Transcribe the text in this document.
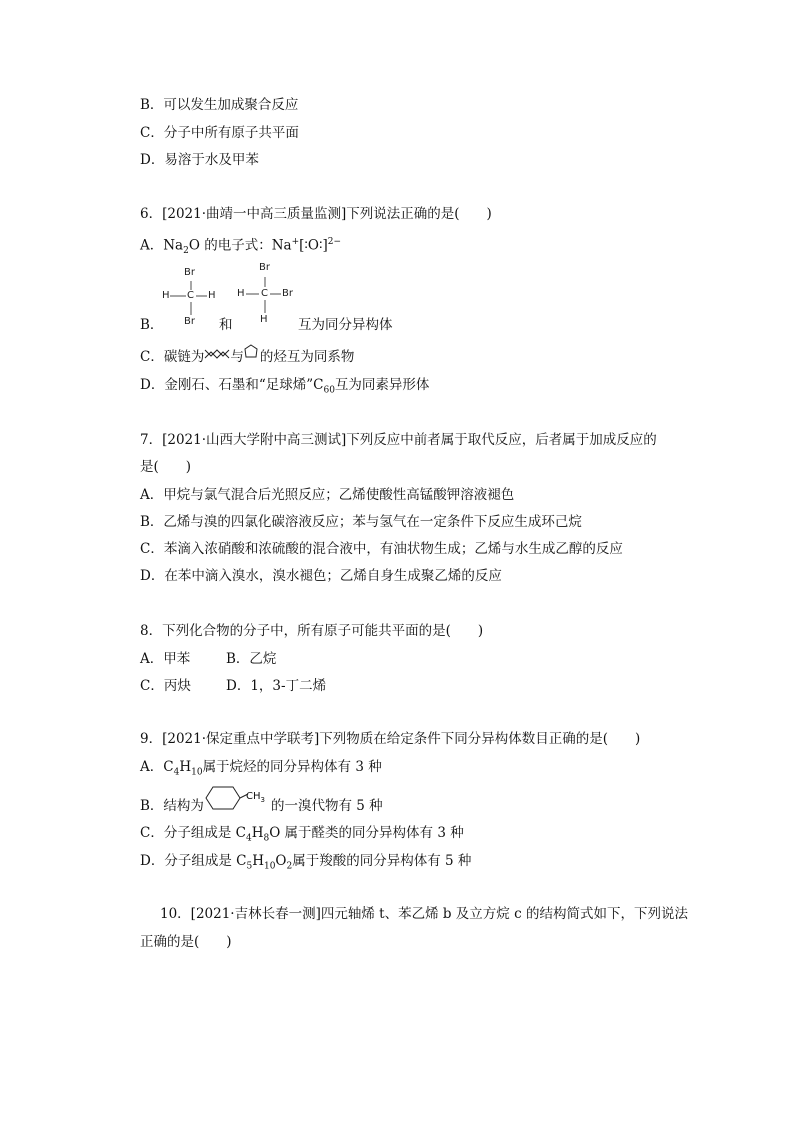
B．可以发生加成聚合反应
C．分子中所有原子共平面
D．易溶于水及甲苯
6．[2021·曲靖一中高三质量监测]下列说法正确的是(　　)
A．$Na_2O$ 的电子式：Na+[∶O∶]$^{2-}$
Br
H C H
Br
B．	和
Br
H C Br
H 互为同分异构体
C．碳链为 与 的烃互为同系物
D．金刚石、石墨和“足球烯$”C_{60}$互为同素异形体
7．[2021·山西大学附中高三测试]下列反应中前者属于取代反应，后者属于加成反应的
是(　　)
A．甲烷与氯气混合后光照反应；乙烯使酸性高锰酸钾溶液褪色
B．乙烯与溴的四氯化碳溶液反应；苯与氢气在一定条件下反应生成环己烷
C．苯滴入浓硝酸和浓硫酸的混合液中，有油状物生成；乙烯与水生成乙醇的反应
D．在苯中滴入溴水，溴水褪色；乙烯自身生成聚乙烯的反应
8．下列化合物的分子中，所有原子可能共平面的是(　　)
A．甲苯	B．乙烷
C．丙炔	D．1，3-丁二烯
9．[2021·保定重点中学联考]下列物质在给定条件下同分异构体数目正确的是(　　)
A．$C_4H_{10}$属于烷烃的同分异构体有 3 种
B．结构为
$CH_3$ 的一溴代物有 5 种
C．分子组成是 $C_4H_8O$ 属于醛类的同分异构体有 3 种
D．分子组成是 $C_5H_{10}O_2$属于羧酸的同分异构体有 5 种
10．[2021·吉林长春一测]四元轴烯 t、苯乙烯 b 及立方烷 c 的结构简式如下，下列说法
正确的是(　　)
